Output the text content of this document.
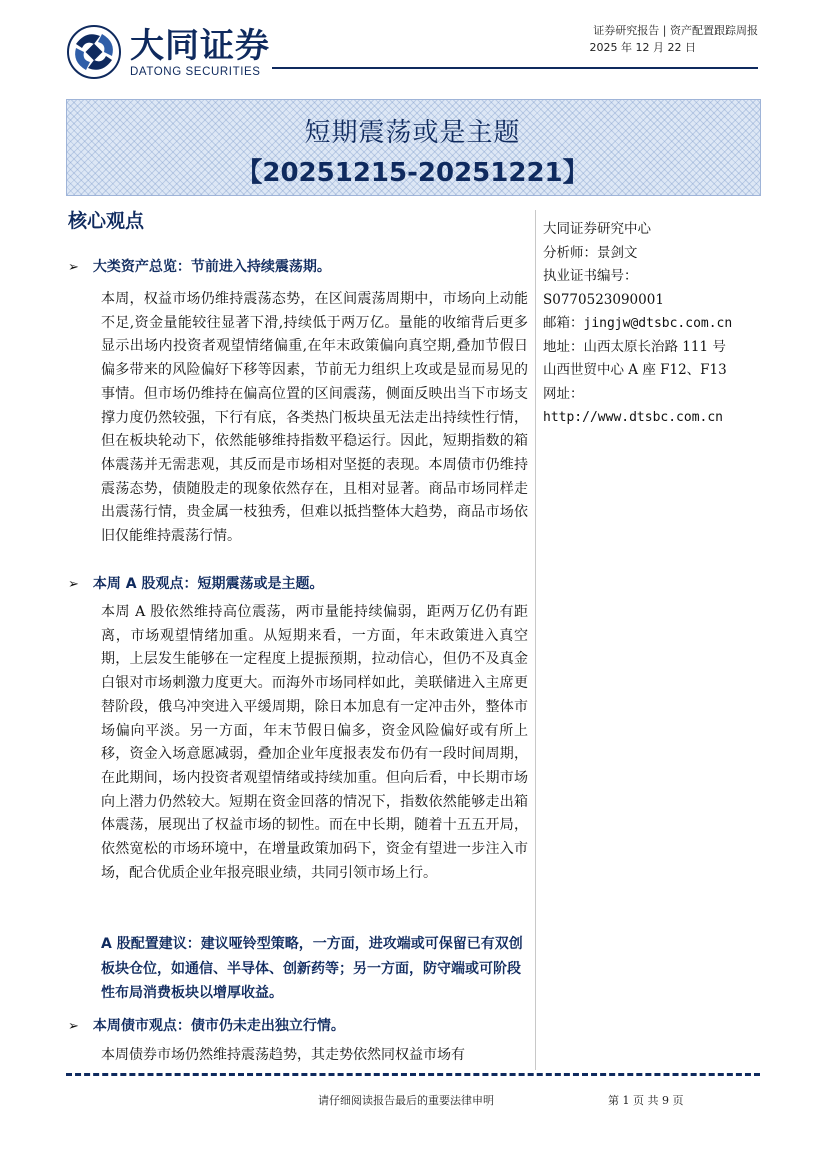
大同证券
DATONG SECURITIES
证券研究报告 | 资产配置跟踪周报
2025 年 12 月 22 日
短期震荡或是主题
【20251215-20251221】
核心观点
➢ 大类资产总览：节前进入持续震荡期。
本周，权益市场仍维持震荡态势，在区间震荡周期中，市场向上动能不足,资金量能较往显著下滑,持续低于两万亿。量能的收缩背后更多显示出场内投资者观望情绪偏重,在年末政策偏向真空期,叠加节假日偏多带来的风险偏好下移等因素，节前无力组织上攻或是显而易见的事情。但市场仍维持在偏高位置的区间震荡，侧面反映出当下市场支撑力度仍然较强，下行有底，各类热门板块虽无法走出持续性行情，但在板块轮动下，依然能够维持指数平稳运行。因此，短期指数的箱体震荡并无需悲观，其反而是市场相对坚挺的表现。本周债市仍维持震荡态势，债随股走的现象依然存在，且相对显著。商品市场同样走出震荡行情，贵金属一枝独秀，但难以抵挡整体大趋势，商品市场依旧仅能维持震荡行情。
➢ 本周 A 股观点：短期震荡或是主题。
本周 A 股依然维持高位震荡，两市量能持续偏弱，距两万亿仍有距离，市场观望情绪加重。从短期来看，一方面，年末政策进入真空期，上层发生能够在一定程度上提振预期，拉动信心，但仍不及真金白银对市场刺激力度更大。而海外市场同样如此，美联储进入主席更替阶段，俄乌冲突进入平缓周期，除日本加息有一定冲击外，整体市场偏向平淡。另一方面，年末节假日偏多，资金风险偏好或有所上移，资金入场意愿减弱，叠加企业年度报表发布仍有一段时间周期，在此期间，场内投资者观望情绪或持续加重。但向后看，中长期市场向上潜力仍然较大。短期在资金回落的情况下，指数依然能够走出箱体震荡，展现出了权益市场的韧性。而在中长期，随着十五五开局，依然宽松的市场环境中，在增量政策加码下，资金有望进一步注入市场，配合优质企业年报亮眼业绩，共同引领市场上行。
A 股配置建议：建议哑铃型策略，一方面，进攻端或可保留已有双创板块仓位，如通信、半导体、创新药等；另一方面，防守端或可阶段性布局消费板块以增厚收益。
➢ 本周债市观点：债市仍未走出独立行情。
本周债券市场仍然维持震荡趋势，其走势依然同权益市场有
大同证券研究中心
分析师：景剑文
执业证书编号：
S0770523090001
邮箱：jingjw@dtsbc.com.cn
地址：山西太原长治路 111 号
山西世贸中心 A 座 F12、F13
网址：
http://www.dtsbc.com.cn
请仔细阅读报告最后的重要法律申明	第 1 页 共 9 页
